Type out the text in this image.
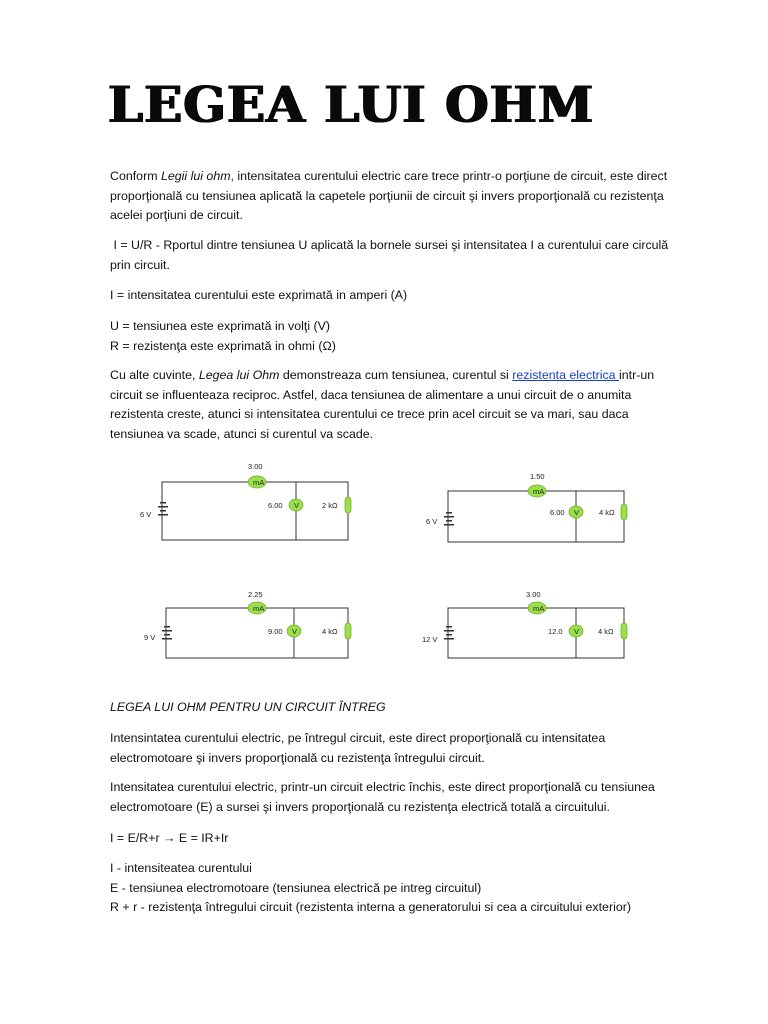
LEGEA LUI OHM
Conform Legii lui ohm, intensitatea curentului electric care trece printr-o porţiune de circuit, este direct
proporţională cu tensiunea aplicată la capetele porţiunii de circuit şi invers proporţională cu rezistenţa
acelei porţiuni de circuit.
I = U/R - Rportul dintre tensiunea U aplicată la bornele sursei şi intensitatea I a curentului care circulă
prin circuit.
I = intensitatea curentului este exprimată in amperi (A)
U = tensiunea este exprimată in volţi (V)
R = rezistenţa este exprimată in ohmi (Ω)
Cu alte cuvinte, Legea lui Ohm demonstreaza cum tensiunea, curentul si rezistenta electrica intr-un
circuit se influenteaza reciproc. Astfel, daca tensiunea de alimentare a unui circuit de o anumita
rezistenta creste, atunci si intensitatea curentului ce trece prin acel circuit se va mari, sau daca
tensiunea va scade, atunci si curentul va scade.
6 V
mA
3.00
V
6.00	2 kΩ
6 V
mA
1.50
V
6.00	4 kΩ
9 V
mA
2.25
V
9.00	4 kΩ
12 V
mA
3.00
V
12.0	4 kΩ
LEGEA LUI OHM PENTRU UN CIRCUIT ÎNTREG
Intensintatea curentului electric, pe întregul circuit, este direct proporţională cu intensitatea
electromotoare şi invers proporţională cu rezistenţa întregului circuit.
Intensitatea curentului electric, printr-un circuit electric închis, este direct proporţională cu tensiunea
electromotoare (E) a sursei şi invers proporţională cu rezistenţa electrică totală a circuitului.
I = E/R+r → E = IR+Ir
I - intensiteatea curentului
E - tensiunea electromotoare (tensiunea electrică pe intreg circuitul)
R + r - rezistenţa întregului circuit (rezistenta interna a generatorului si cea a circuitului exterior)
